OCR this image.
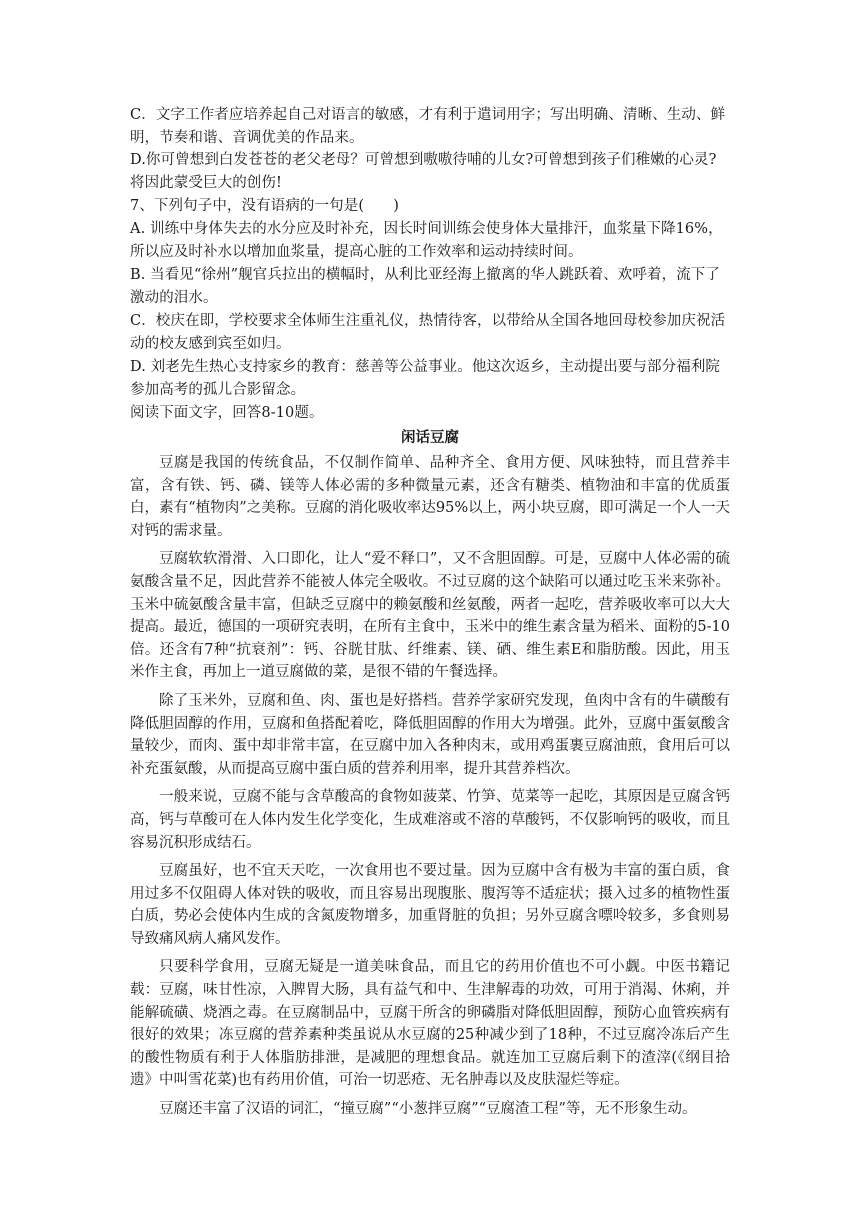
C．文字工作者应培养起自己对语言的敏感，才有利于遣词用字；写出明确、清晰、生动、鲜明，节奏和谐、音调优美的作品来。
D.你可曾想到白发苍苍的老父老母？可曾想到嗷嗷待哺的儿女?可曾想到孩子们稚嫩的心灵?将因此蒙受巨大的创伤!
7、下列句子中，没有语病的一句是(　　)
A. 训练中身体失去的水分应及时补充，因长时间训练会使身体大量排汗，血浆量下降16%，所以应及时补水以增加血浆量，提高心脏的工作效率和运动持续时间。
B. 当看见“徐州”舰官兵拉出的横幅时，从利比亚经海上撤离的华人跳跃着、欢呼着，流下了激动的泪水。
C．校庆在即，学校要求全体师生注重礼仪，热情待客，以带给从全国各地回母校参加庆祝活动的校友感到宾至如归。
D. 刘老先生热心支持家乡的教育：慈善等公益事业。他这次返乡，主动提出要与部分福利院参加高考的孤儿合影留念。
阅读下面文字，回答8-10题。
闲话豆腐

豆腐是我国的传统食品，不仅制作简单、品种齐全、食用方便、风味独特，而且营养丰富，含有铁、钙、磷、镁等人体必需的多种微量元素，还含有糖类、植物油和丰富的优质蛋白，素有“植物肉”之美称。豆腐的消化吸收率达95%以上，两小块豆腐，即可满足一个人一天对钙的需求量。

豆腐软软滑滑、入口即化，让人“爱不释口”，又不含胆固醇。可是，豆腐中人体必需的硫氨酸含量不足，因此营养不能被人体完全吸收。不过豆腐的这个缺陷可以通过吃玉米来弥补。玉米中硫氨酸含量丰富，但缺乏豆腐中的赖氨酸和丝氨酸，两者一起吃，营养吸收率可以大大提高。最近，德国的一项研究表明，在所有主食中，玉米中的维生素含量为稻米、面粉的5-10倍。还含有7种“抗衰剂”：钙、谷胱甘肽、纤维素、镁、硒、维生素E和脂肪酸。因此，用玉米作主食，再加上一道豆腐做的菜，是很不错的午餐选择。

除了玉米外，豆腐和鱼、肉、蛋也是好搭档。营养学家研究发现，鱼肉中含有的牛磺酸有降低胆固醇的作用，豆腐和鱼搭配着吃，降低胆固醇的作用大为增强。此外，豆腐中蛋氨酸含量较少，而肉、蛋中却非常丰富，在豆腐中加入各种肉末，或用鸡蛋裹豆腐油煎，食用后可以补充蛋氨酸，从而提高豆腐中蛋白质的营养利用率，提升其营养档次。

一般来说，豆腐不能与含草酸高的食物如菠菜、竹笋、苋菜等一起吃，其原因是豆腐含钙高，钙与草酸可在人体内发生化学变化，生成难溶或不溶的草酸钙，不仅影响钙的吸收，而且容易沉积形成结石。

豆腐虽好，也不宜天天吃，一次食用也不要过量。因为豆腐中含有极为丰富的蛋白质，食用过多不仅阻碍人体对铁的吸收，而且容易出现腹胀、腹泻等不适症状；摄入过多的植物性蛋白质，势必会使体内生成的含氮废物增多，加重肾脏的负担；另外豆腐含嘌呤较多，多食则易导致痛风病人痛风发作。

只要科学食用，豆腐无疑是一道美味食品，而且它的药用价值也不可小觑。中医书籍记载：豆腐，味甘性凉，入脾胃大肠，具有益气和中、生津解毒的功效，可用于消渴、休痢，并能解硫磺、烧酒之毒。在豆腐制品中，豆腐干所含的卵磷脂对降低胆固醇，预防心血管疾病有很好的效果；冻豆腐的营养素种类虽说从水豆腐的25种减少到了18种，不过豆腐冷冻后产生的酸性物质有利于人体脂肪排泄，是减肥的理想食品。就连加工豆腐后剩下的渣滓(《纲目拾遗》中叫雪花菜)也有药用价值，可治一切恶疮、无名肿毒以及皮肤湿烂等症。

豆腐还丰富了汉语的词汇，“撞豆腐”“小葱拌豆腐”“豆腐渣工程”等，无不形象生动。
